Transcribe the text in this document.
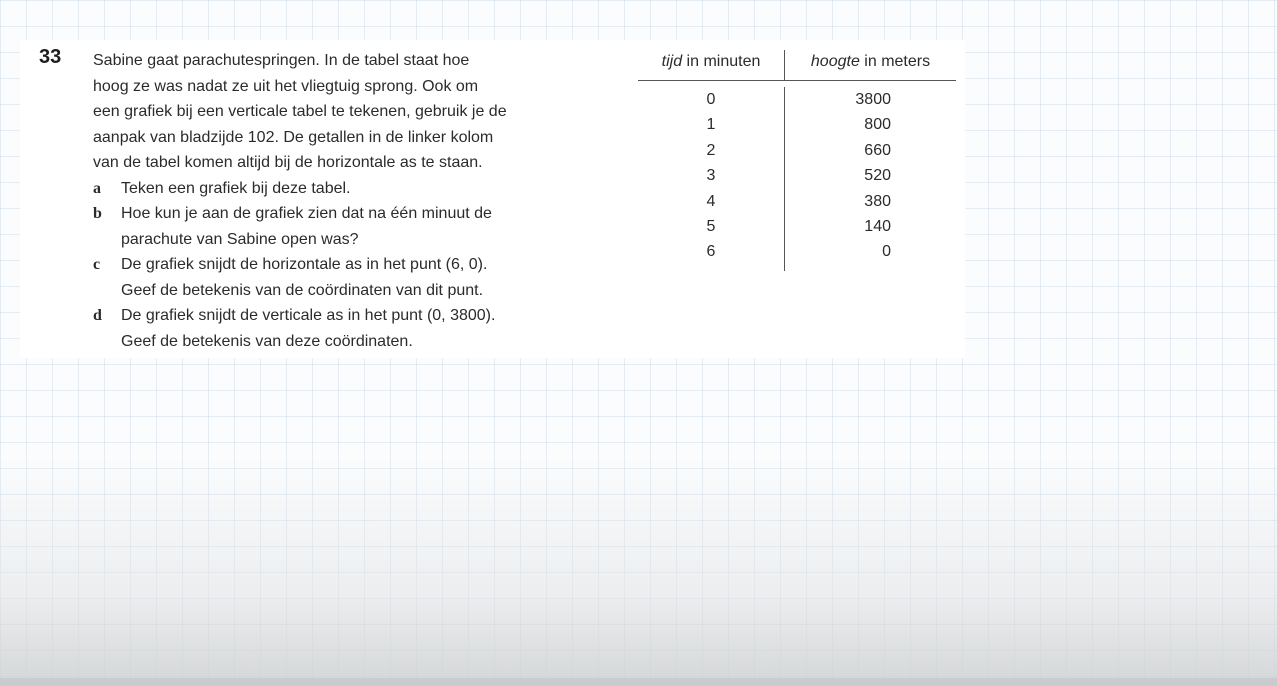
33 Sabine gaat parachutespringen. In de tabel staat hoe

hoog ze was nadat ze uit het vliegtuig sprong. Ook om

een grafiek bij een verticale tabel te tekenen, gebruik je de

aanpak van bladzijde 102. De getallen in de linker kolom

van de tabel komen altijd bij de horizontale as te staan.

a Teken een grafiek bij deze tabel.

b Hoe kun je aan de grafiek zien dat na één minuut de

parachute van Sabine open was?

c De grafiek snijdt de horizontale as in het punt (6, 0).

Geef de betekenis van de coördinaten van dit punt.

d De grafiek snijdt de verticale as in het punt (0, 3800).

Geef de betekenis van deze coördinaten.

tijd in minuten	hoogte in meters
0
1
2
3
4
5
6
3800
800
660
520
380
140
0
